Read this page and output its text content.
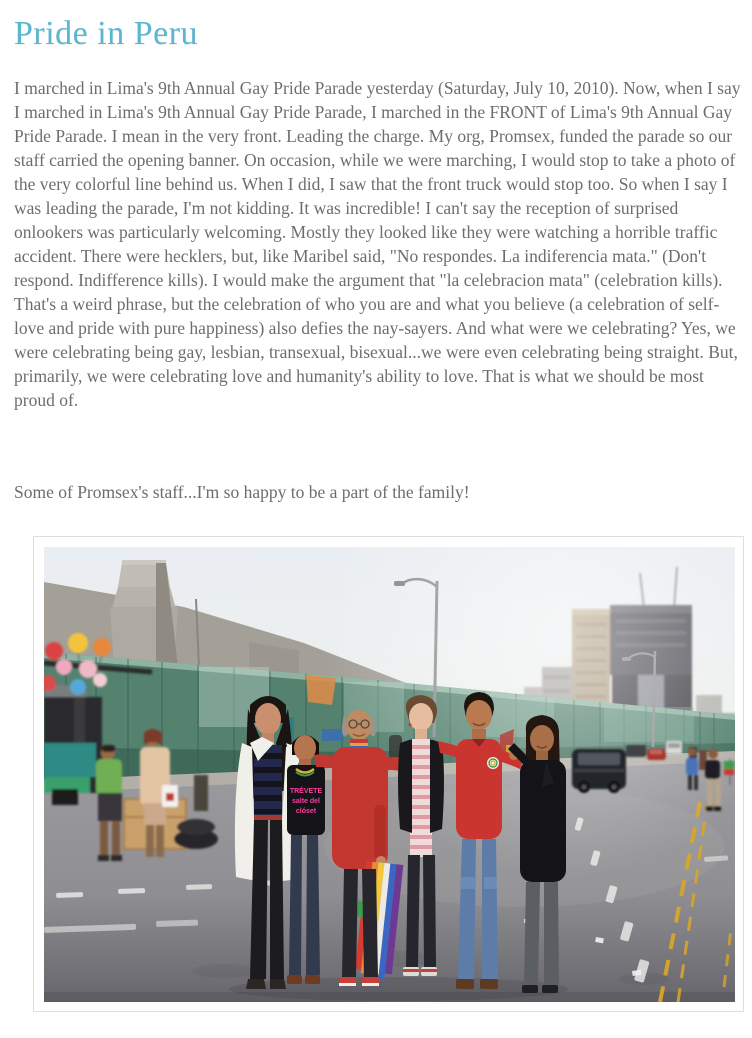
Pride in Peru

I marched in Lima's 9th Annual Gay Pride Parade yesterday (Saturday, July 10, 2010). Now, when I say I marched in Lima's 9th Annual Gay Pride Parade, I marched in the FRONT of Lima's 9th Annual Gay Pride Parade. I mean in the very front. Leading the charge. My org, Promsex, funded the parade so our staff carried the opening banner. On occasion, while we were marching, I would stop to take a photo of the very colorful line behind us. When I did, I saw that the front truck would stop too. So when I say I was leading the parade, I'm not kidding. It was incredible! I can't say the reception of surprised onlookers was particularly welcoming. Mostly they looked like they were watching a horrible traffic accident. There were hecklers, but, like Maribel said, "No respondes. La indiferencia mata." (Don't respond. Indifference kills). I would make the argument that "la celebracion mata" (celebration kills). That's a weird phrase, but the celebration of who you are and what you believe (a celebration of self-love and pride with pure happiness) also defies the nay-sayers. And what were we celebrating? Yes, we were celebrating being gay, lesbian, transexual, bisexual...we were even celebrating being straight. But, primarily, we were celebrating love and humanity's ability to love. That is what we should be most proud of.

Some of Promsex's staff...I'm so happy to be a part of the family!

TRÉVETE
salte del
clóset
